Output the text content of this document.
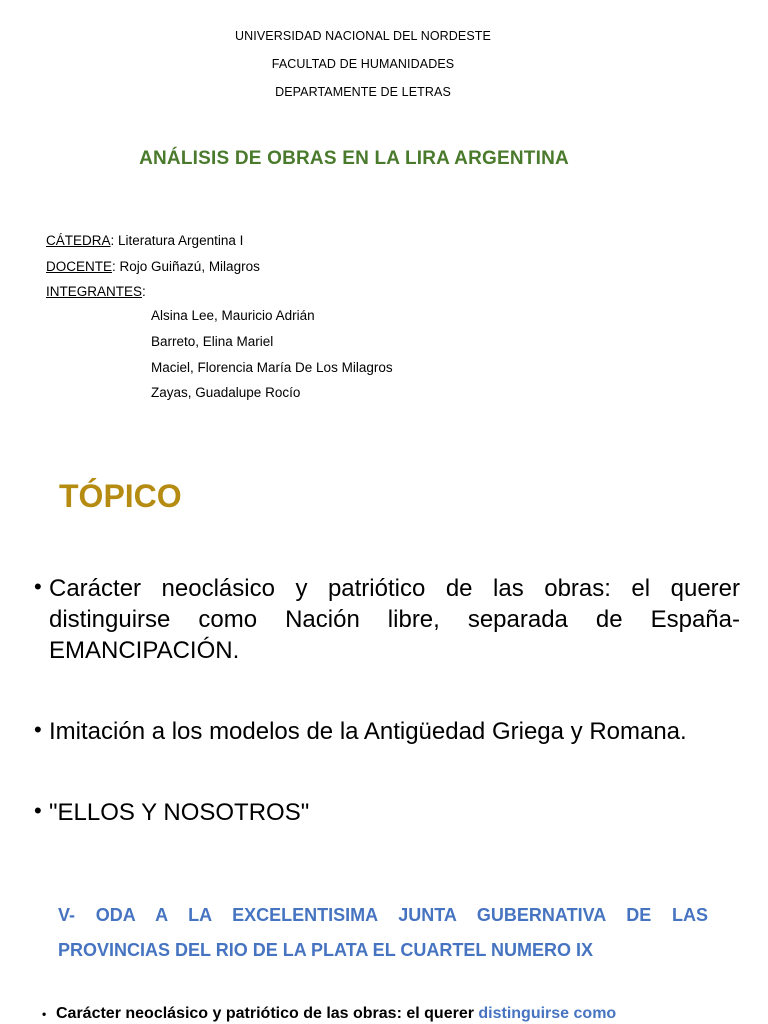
UNIVERSIDAD NACIONAL DEL NORDESTE
FACULTAD DE HUMANIDADES
DEPARTAMENTE DE LETRAS
ANÁLISIS DE OBRAS EN LA LIRA ARGENTINA
CÁTEDRA: Literatura Argentina I
DOCENTE: Rojo Guiñazú, Milagros
INTEGRANTES:
Alsina Lee, Mauricio Adrián
Barreto, Elina Mariel
Maciel, Florencia María De Los Milagros
Zayas, Guadalupe Rocío
TÓPICO
• Carácter neoclásico y patriótico de las obras: el querer
distinguirse como Nación libre, separada de España-
EMANCIPACIÓN.
• Imitación a los modelos de la Antigüedad Griega y Romana.
• "ELLOS Y NOSOTROS"
V- ODA A LA EXCELENTISIMA JUNTA GUBERNATIVA DE LAS
PROVINCIAS DEL RIO DE LA PLATA EL CUARTEL NUMERO IX
• Carácter neoclásico y patriótico de las obras: el querer distinguirse como
